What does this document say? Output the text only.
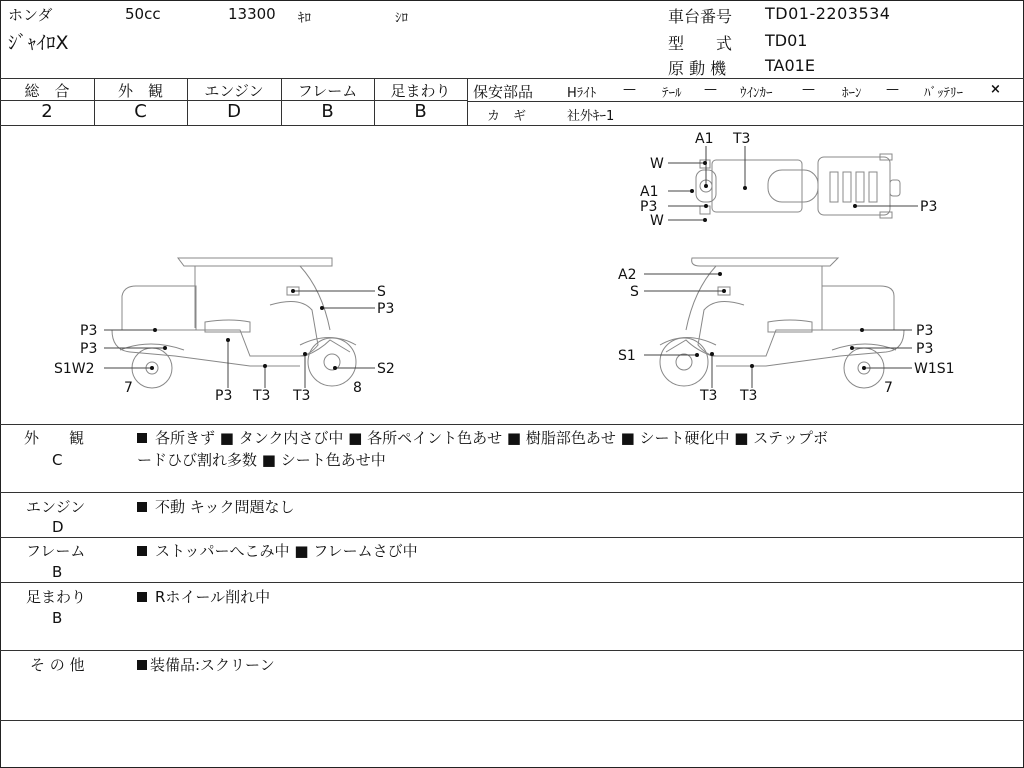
ホンダ	50cc	13300 ｷﾛ	ｼﾛ
ｼﾞｬｲﾛX
車台番号 TD01-2203534
型　　式 TD01
原 動 機 TA01E
総　合
2
外　観
C
エンジン
D
フレーム
B
足まわり
B
保安部品	Hﾗｲﾄ — ﾃｰﾙ — ｳｲﾝｶｰ — ﾎｰﾝ — ﾊﾞｯﾃﾘｰ ×
カ　ギ	社外ｷｰ1
A1 T3
W
A1
P3
W
P3
S
P3
P3
P3
S1W2
7	P3 T3 T3	8
S2
A2
S
S1
T3 T3
P3
P3
W1S1
7
外　　観
C
各所きず ■ タンク内さび中 ■ 各所ペイント色あせ ■ 樹脂部色あせ ■ シート硬化中 ■ ステップボ
ードひび割れ多数 ■ シート色あせ中
エンジン
D
不動 キック問題なし
フレーム
B
ストッパーへこみ中 ■ フレームさび中
足まわり
B
Rホイール削れ中
そ の 他	装備品:スクリーン
